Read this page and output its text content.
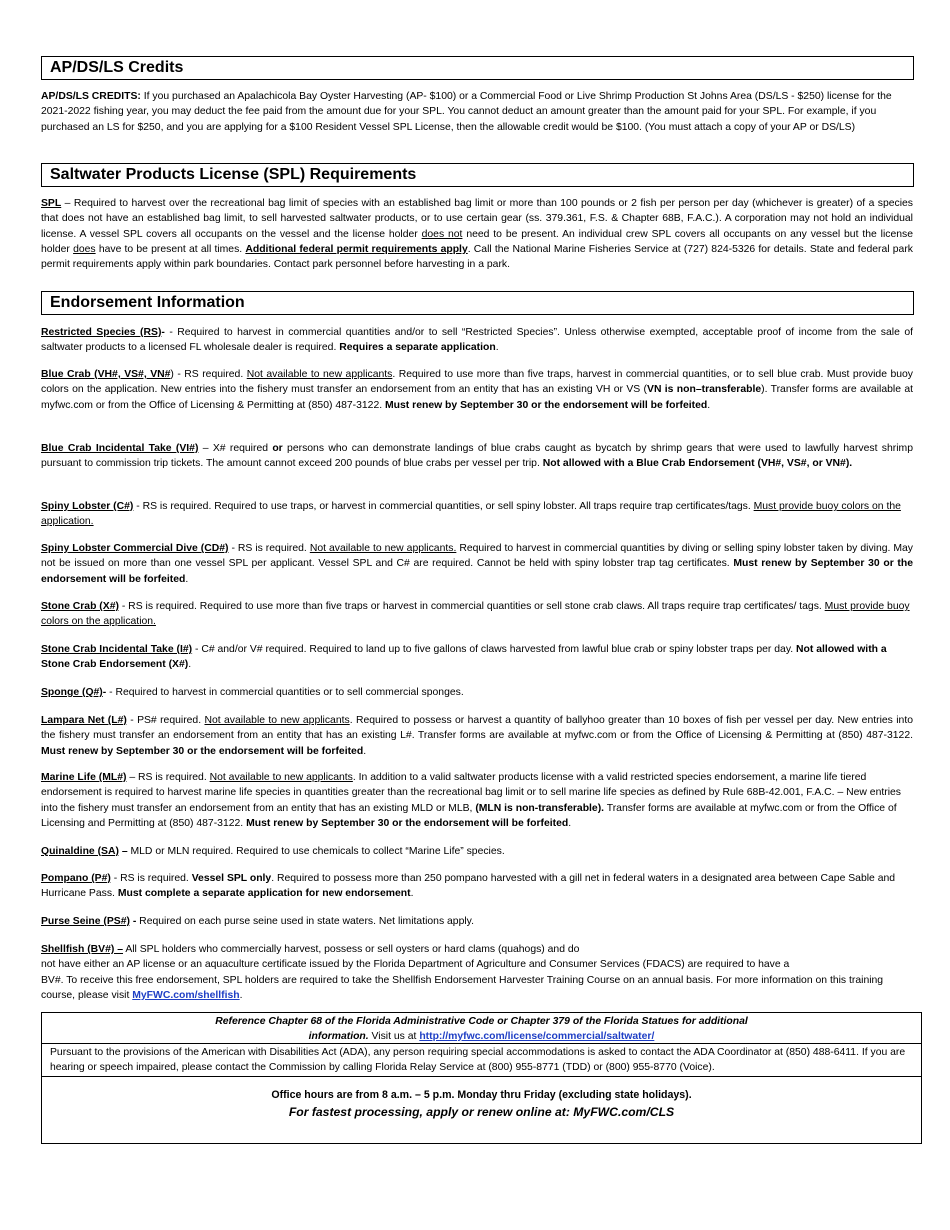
AP/DS/LS Credits
AP/DS/LS CREDITS: If you purchased an Apalachicola Bay Oyster Harvesting (AP- $100) or a Commercial Food or Live Shrimp Production St Johns Area (DS/LS - $250) license for the 2021-2022 fishing year, you may deduct the fee paid from the amount due for your SPL. You cannot deduct an amount greater than the amount paid for your SPL. For example, if you purchased an LS for $250, and you are applying for a $100 Resident Vessel SPL License, then the allowable credit would be $100. (You must attach a copy of your AP or DS/LS)
Saltwater Products License (SPL) Requirements
SPL – Required to harvest over the recreational bag limit of species with an established bag limit or more than 100 pounds or 2 fish per person per day (whichever is greater) of a species that does not have an established bag limit, to sell harvested saltwater products, or to use certain gear (ss. 379.361, F.S. & Chapter 68B, F.A.C.). A corporation may not hold an individual license. A vessel SPL covers all occupants on the vessel and the license holder does not need to be present. An individual crew SPL covers all occupants on any vessel but the license holder does have to be present at all times. Additional federal permit requirements apply. Call the National Marine Fisheries Service at (727) 824-5326 for details. State and federal park permit requirements apply within park boundaries. Contact park personnel before harvesting in a park.
Endorsement Information
Restricted Species (RS)- - Required to harvest in commercial quantities and/or to sell “Restricted Species”. Unless otherwise exempted, acceptable proof of income from the sale of saltwater products to a licensed FL wholesale dealer is required. Requires a separate application.
Blue Crab (VH#, VS#, VN#) - RS required. Not available to new applicants. Required to use more than five traps, harvest in commercial quantities, or to sell blue crab. Must provide buoy colors on the application. New entries into the fishery must transfer an endorsement from an entity that has an existing VH or VS (VN is non–transferable). Transfer forms are available at myfwc.com or from the Office of Licensing & Permitting at (850) 487-3122. Must renew by September 30 or the endorsement will be forfeited.
Blue Crab Incidental Take (VI#) – X# required or persons who can demonstrate landings of blue crabs caught as bycatch by shrimp gears that were used to lawfully harvest shrimp pursuant to commission trip tickets. The amount cannot exceed 200 pounds of blue crabs per vessel per trip. Not allowed with a Blue Crab Endorsement (VH#, VS#, or VN#).
Spiny Lobster (C#) - RS is required. Required to use traps, or harvest in commercial quantities, or sell spiny lobster. All traps require trap certificates/tags. Must provide buoy colors on the application.
Spiny Lobster Commercial Dive (CD#) - RS is required. Not available to new applicants. Required to harvest in commercial quantities by diving or selling spiny lobster taken by diving. May not be issued on more than one vessel SPL per applicant. Vessel SPL and C# are required. Cannot be held with spiny lobster trap tag certificates. Must renew by September 30 or the endorsement will be forfeited.
Stone Crab (X#) - RS is required. Required to use more than five traps or harvest in commercial quantities or sell stone crab claws. All traps require trap certificates/ tags. Must provide buoy colors on the application.
Stone Crab Incidental Take (I#) - C# and/or V# required. Required to land up to five gallons of claws harvested from lawful blue crab or spiny lobster traps per day. Not allowed with a Stone Crab Endorsement (X#).
Sponge (Q#)- - Required to harvest in commercial quantities or to sell commercial sponges.
Lampara Net (L#) - PS# required. Not available to new applicants. Required to possess or harvest a quantity of ballyhoo greater than 10 boxes of fish per vessel per day. New entries into the fishery must transfer an endorsement from an entity that has an existing L#. Transfer forms are available at myfwc.com or from the Office of Licensing & Permitting at (850) 487-3122. Must renew by September 30 or the endorsement will be forfeited.
Marine Life (ML#) – RS is required. Not available to new applicants. In addition to a valid saltwater products license with a valid restricted species endorsement, a marine life tiered endorsement is required to harvest marine life species in quantities greater than the recreational bag limit or to sell marine life species as defined by Rule 68B-42.001, F.A.C. – New entries into the fishery must transfer an endorsement from an entity that has an existing MLD or MLB, (MLN is non-transferable). Transfer forms are available at myfwc.com or from the Office of Licensing and Permitting at (850) 487-3122. Must renew by September 30 or the endorsement will be forfeited.
Quinaldine (SA) – MLD or MLN required. Required to use chemicals to collect “Marine Life” species.
Pompano (P#) - RS is required. Vessel SPL only. Required to possess more than 250 pompano harvested with a gill net in federal waters in a designated area between Cape Sable and Hurricane Pass. Must complete a separate application for new endorsement.
Purse Seine (PS#) - Required on each purse seine used in state waters. Net limitations apply.
Shellfish (BV#) – All SPL holders who commercially harvest, possess or sell oysters or hard clams (quahogs) and do
not have either an AP license or an aquaculture certificate issued by the Florida Department of Agriculture and Consumer Services (FDACS) are required to have a
BV#. To receive this free endorsement, SPL holders are required to take the Shellfish Endorsement Harvester Training Course on an annual basis. For more information on this training course, please visit MyFWC.com/shellfish.
Reference Chapter 68 of the Florida Administrative Code or Chapter 379 of the Florida Statues for additional
information. Visit us at http://myfwc.com/license/commercial/saltwater/
Pursuant to the provisions of the American with Disabilities Act (ADA), any person requiring special accommodations is asked to contact the ADA Coordinator at (850) 488-6411. If you are hearing or speech impaired, please contact the Commission by calling Florida Relay Service at (800) 955-8771 (TDD) or (800) 955-8770 (Voice).
Office hours are from 8 a.m. – 5 p.m. Monday thru Friday (excluding state holidays).
For fastest processing, apply or renew online at: MyFWC.com/CLS
